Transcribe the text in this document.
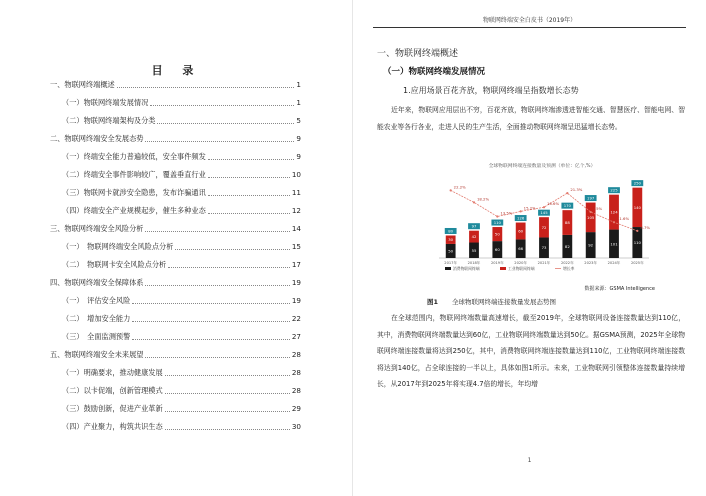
目 录
一、物联网终端概述	1
（一）物联网终端发展情况	1
（二）物联网终端架构及分类	5
二、物联网终端安全发展态势	9
（一）终端安全能力普遍较低，安全事件频发	9
（二）终端安全事件影响较广，覆盖垂直行业	10
（三）物联网卡就涉安全隐患，发布诈骗通讯	11
（四）终端安全产业规模起步，催生多种业态	12
三、物联网终端安全风险分析	14
（一）　物联网终端安全风险点分析	15
（二）　物联网卡安全风险点分析	17
四、物联网终端安全保障体系	19
（一）　评估安全风险	19
（二）　增加安全能力	22
（三）　全面监测预警	27
五、物联网终端安全未来展望	28
（一）明确要求，推动健康发展	28
（二）以卡促端，创新管理模式	28
（三）鼓励创新，促进产业革新	29
（四）产业聚力，构筑共识生态	30
物联网终端安全白皮书（2019年）
一、物联网终端概述
（一）物联网终端发展情况
1.应用场景百花齐放，物联网终端呈指数增长态势
近年来，物联网应用层出不穷，百花齐放，物联网终端渗透进智能交通、智慧医疗、智能电网、智能农业等各行各业，走进人民的生产生活，全面推动物联网终端呈迅猛增长态势。
全球物联网终端连接数量及预测（单位：亿个,%）
50
30
80
2017年
55
42
97
2018年
60
50
110
2019年
66
60
126
2020年
73
72
145
2021年
82
88
170
2022年
92
105
197
2023年
101
124
225
2024年
110
140
250
2025年
22.2%
18.2%
13.5%
15.2%
16.6%
21.3%
15%
11.6%
8.7%
消费物联网终端	工业物联网终端	增长率
数据来源：GSMA Intelligence
图1 全球物联网终端连接数量发展态势图
在全球范围内，物联网终端数量高速增长，截至2019年，全球物联网设备连接数量达到110亿，其中，消费物联网终端数量达到60亿，工业物联网终端数量达到50亿。据GSMA预测，2025年全球物联网终端连接数量将达到250亿，其中，消费物联网终端连接数量达到110亿，工业物联网终端连接数将达到140亿，占全球连接的一半以上，具体如图1所示。未来，工业物联网引领整体连接数量持续增长，从2017年到2025年将实现4.7倍的增长，年均增
1
